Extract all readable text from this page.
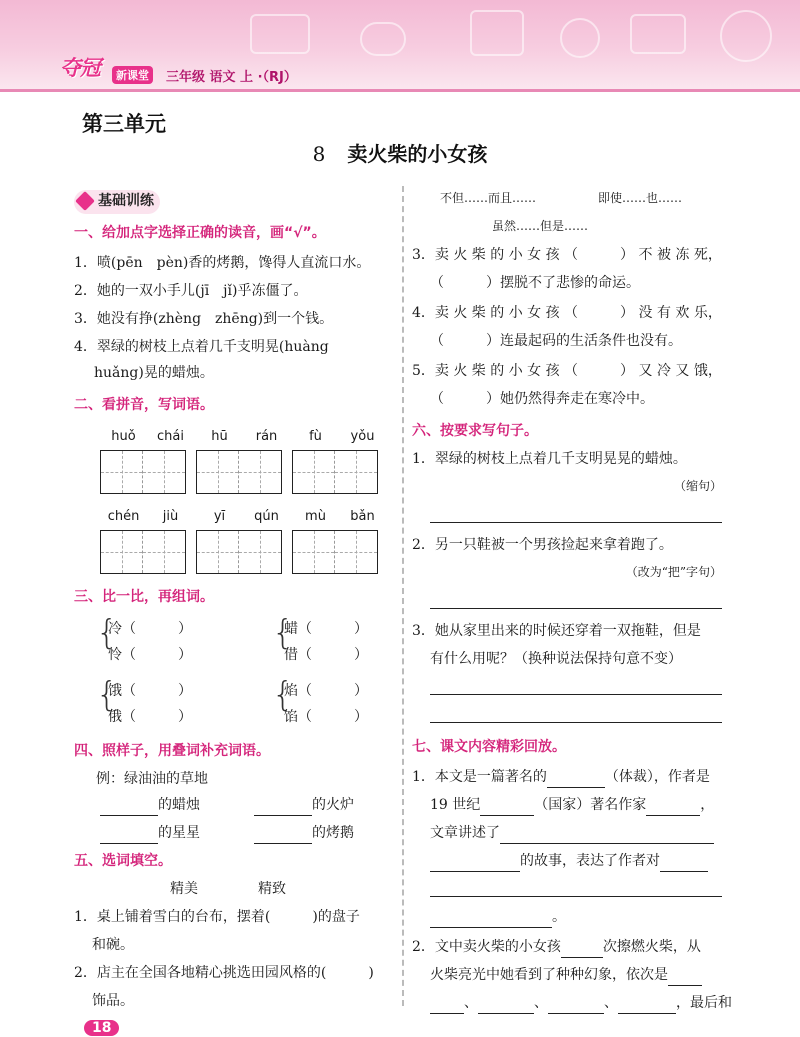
夺冠	新课堂	三年级 语文 上 ·（RJ）
第三单元
8 卖火柴的小女孩
基础训练
一、给加点字选择正确的读音，画“√”。
1．喷(pēn　pèn)香的烤鹅，馋得人直流口水。
2．她的一双小手儿(jī　jǐ)乎冻僵了。
3．她没有挣(zhèng　zhēng)到一个钱。
4．翠绿的树枝上点着几千支明晃(huàng
huǎng)晃的蜡烛。
二、看拼音，写词语。
huǒ	chái	hū	rán	fù	yǒu
chén	jiù	yī	qún	mù	bǎn
三、比一比，再组词。
{
冷（　　　）
怜（　　　）
{
蜡（　　　）
借（　　　）
{
饿（　　　）
俄（　　　）
{
焰（　　　）
馅（　　　）
四、照样子，用叠词补充词语。
例：绿油油的草地
的蜡烛	的火炉
的星星	的烤鹅
五、选词填空。
精美	精致
1．桌上铺着雪白的台布，摆着(　　　)的盘子
和碗。
2．店主在全国各地精心挑选田园风格的(　　　)
饰品。
不但……而且……	即使……也……
虽然……但是……
3．卖 火 柴 的 小 女 孩 （　　　） 不 被 冻 死，
（　　　）摆脱不了悲惨的命运。
4．卖 火 柴 的 小 女 孩 （　　　） 没 有 欢 乐，
（　　　）连最起码的生活条件也没有。
5．卖 火 柴 的 小 女 孩 （　　　） 又 冷 又 饿，
（　　　）她仍然得奔走在寒冷中。
六、按要求写句子。
1．翠绿的树枝上点着几千支明晃晃的蜡烛。
（缩句）
2．另一只鞋被一个男孩捡起来拿着跑了。
（改为“把”字句）
3．她从家里出来的时候还穿着一双拖鞋，但是
有什么用呢？（换种说法保持句意不变）
七、课文内容精彩回放。
1．本文是一篇著名的	（体裁），作者是
19 世纪	（国家）著名作家	，
文章讲述了
的故事，表达了作者对
。
2．文中卖火柴的小女孩	次擦燃火柴，从
火柴亮光中她看到了种种幻象，依次是
、	、	、	，最后和
18
